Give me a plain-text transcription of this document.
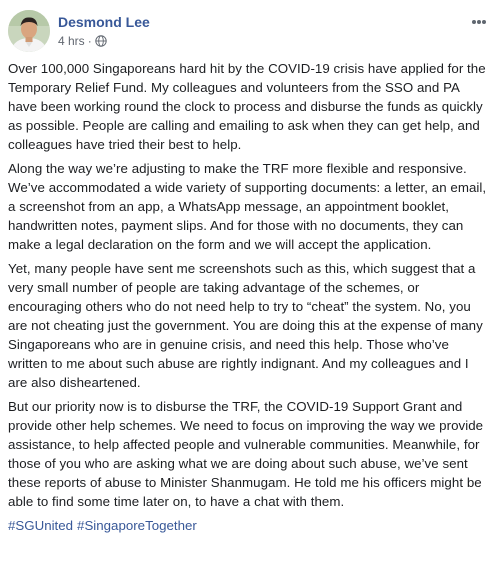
Desmond Lee
4 hrs ·

Over 100,000 Singaporeans hard hit by the COVID-19 crisis have applied for the Temporary Relief Fund. My colleagues and volunteers from the SSO and PA have been working round the clock to process and disburse the funds as quickly as possible. People are calling and emailing to ask when they can get help, and colleagues have tried their best to help.

Along the way we’re adjusting to make the TRF more flexible and responsive. We’ve accommodated a wide variety of supporting documents: a letter, an email, a screenshot from an app, a WhatsApp message, an appointment booklet, handwritten notes, payment slips. And for those with no documents, they can make a legal declaration on the form and we will accept the application.

Yet, many people have sent me screenshots such as this, which suggest that a very small number of people are taking advantage of the schemes, or encouraging others who do not need help to try to “cheat” the system. No, you are not cheating just the government. You are doing this at the expense of many Singaporeans who are in genuine crisis, and need this help. Those who’ve written to me about such abuse are rightly indignant. And my colleagues and I are also disheartened.

But our priority now is to disburse the TRF, the COVID-19 Support Grant and provide other help schemes. We need to focus on improving the way we provide assistance, to help affected people and vulnerable communities. Meanwhile, for those of you who are asking what we are doing about such abuse, we’ve sent these reports of abuse to Minister Shanmugam. He told me his officers might be able to find some time later on, to have a chat with them.

#SGUnited #SingaporeTogether
